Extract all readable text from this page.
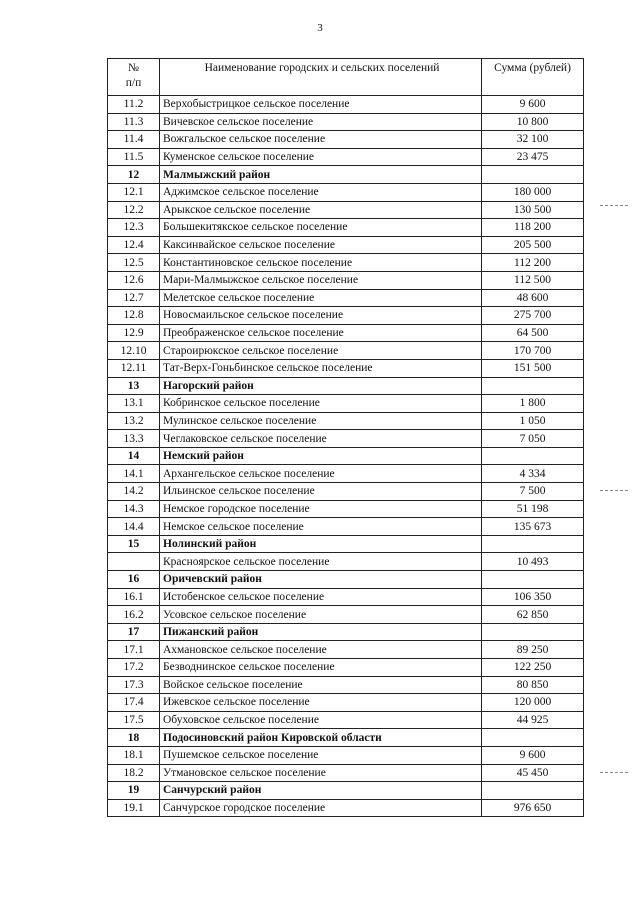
3
№
п/п	Наименование городских и сельских поселений	Сумма (рублей)
11.2	Верхобыстрицкое сельское поселение	9 600
11.3	Вичевское сельское поселение	10 800
11.4	Вожгальское сельское поселение	32 100
11.5	Куменское сельское поселение	23 475
12	Малмыжский район	
12.1	Аджимское сельское поселение	180 000
12.2	Арыкское сельское поселение	130 500
12.3	Большекитякское сельское поселение	118 200
12.4	Каксинвайское сельское поселение	205 500
12.5	Константиновское сельское поселение	112 200
12.6	Мари-Малмыжское сельское поселение	112 500
12.7	Мелетское сельское поселение	48 600
12.8	Новосмаильское сельское поселение	275 700
12.9	Преображенское сельское поселение	64 500
12.10	Староирюкское сельское поселение	170 700
12.11	Тат-Верх-Гоньбинское сельское поселение	151 500
13	Нагорский район	
13.1	Кобринское сельское поселение	1 800
13.2	Мулинское сельское поселение	1 050
13.3	Чеглаковское сельское поселение	7 050
14	Немский район	
14.1	Архангельское сельское поселение	4 334
14.2	Ильинское сельское поселение	7 500
14.3	Немское городское поселение	51 198
14.4	Немское сельское поселение	135 673
15	Нолинский район	
	Красноярское сельское поселение	10 493
16	Оричевский район	
16.1	Истобенское сельское поселение	106 350
16.2	Усовское сельское поселение	62 850
17	Пижанский район	
17.1	Ахмановское сельское поселение	89 250
17.2	Безводнинское сельское поселение	122 250
17.3	Войское сельское поселение	80 850
17.4	Ижевское сельское поселение	120 000
17.5	Обуховское сельское поселение	44 925
18	Подосиновский район Кировской области	
18.1	Пушемское сельское поселение	9 600
18.2	Утмановское сельское поселение	45 450
19	Санчурский район	
19.1	Санчурское городское поселение	976 650
